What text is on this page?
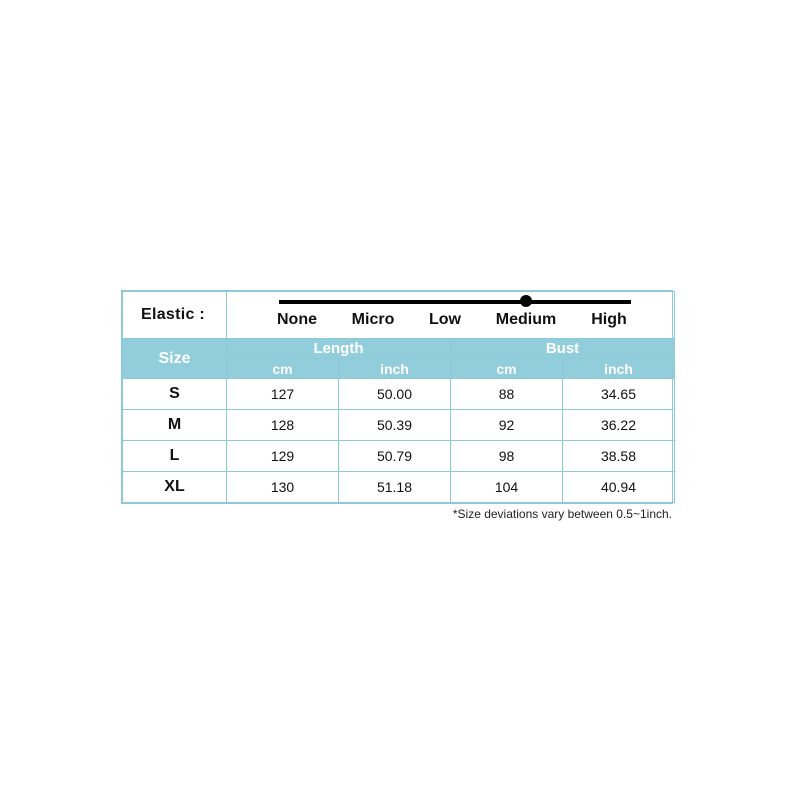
Elastic :	None Micro Low Medium High			

Size	Length		Bust	
	cm	inch	cm	inch
S	127	50.00	88	34.65
M	128	50.39	92	36.22
L	129	50.79	98	38.58
XL	130	51.18	104	40.94
*Size deviations vary between 0.5~1inch.
